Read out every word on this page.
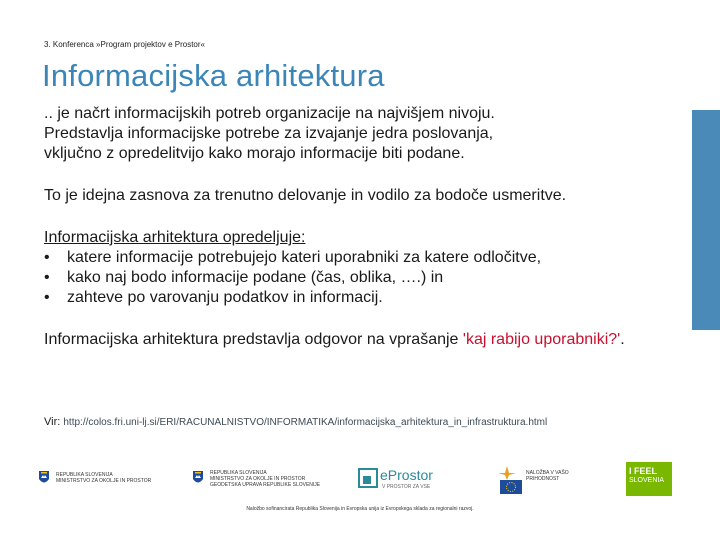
3. Konferenca »Program projektov e Prostor«
Informacijska arhitektura

.. je načrt informacijskih potreb organizacije na najvišjem nivoju.

Predstavlja informacijske potrebe za izvajanje jedra poslovanja,

vključno z opredelitvijo kako morajo informacije biti podane.

To je idejna zasnova za trenutno delovanje in vodilo za bodoče usmeritve.

Informacijska arhitektura opredeljuje:

• katere informacije potrebujejo kateri uporabniki za katere odločitve,
• kako naj bodo informacije podane (čas, oblika, ….) in
• zahteve po varovanju podatkov in informacij.

Informacijska arhitektura predstavlja odgovor na vprašanje 'kaj rabijo uporabniki?'.

Vir: http://colos.fri.uni-lj.si/ERI/RACUNALNISTVO/INFORMATIKA/informacijska_arhitektura_in_infrastruktura.html
REPUBLIKA SLOVENIJA
MINISTRSTVO ZA OKOLJE IN PROSTOR
REPUBLIKA SLOVENIJA
MINISTRSTVO ZA OKOLJE IN PROSTOR
GEODETSKA UPRAVA REPUBLIKE SLOVENIJE
eProstor
V PROSTOR ZA VSE
NALOŽBA V VAŠO PRIHODNOST
I FEEL
SLOVENIA
Naložbo sofinancirata Republika Slovenija in Evropska unija iz Evropskega sklada za regionalni razvoj.
